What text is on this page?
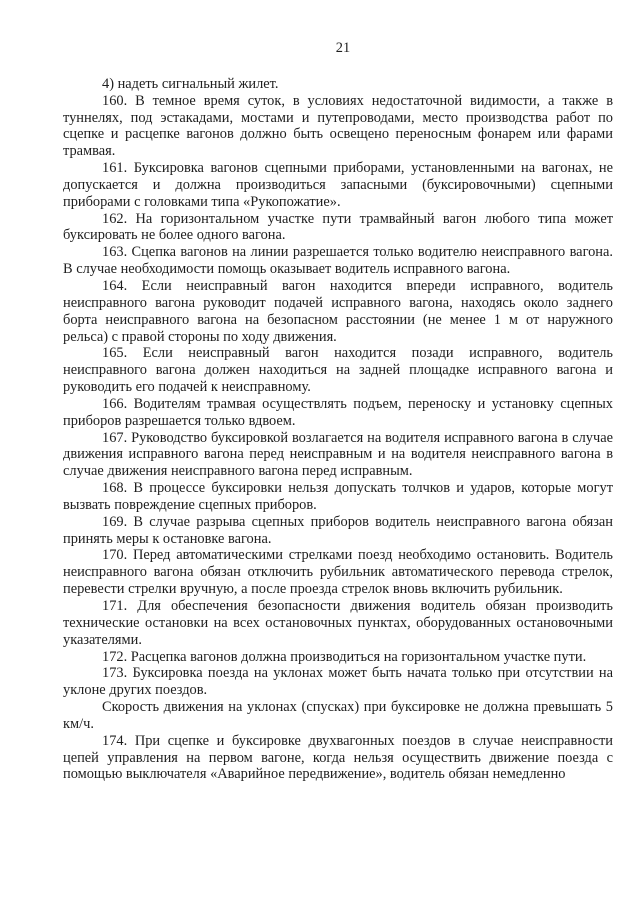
21

4) надеть сигнальный жилет.

160. В темное время суток, в условиях недостаточной видимости, а также в туннелях, под эстакадами, мостами и путепроводами, место производства работ по сцепке и расцепке вагонов должно быть освещено переносным фонарем или фарами трамвая.

161. Буксировка вагонов сцепными приборами, установленными на вагонах, не допускается и должна производиться запасными (буксировочными) сцепными приборами с головками типа «Рукопожатие».

162. На горизонтальном участке пути трамвайный вагон любого типа может буксировать не более одного вагона.

163. Сцепка вагонов на линии разрешается только водителю неисправного вагона. В случае необходимости помощь оказывает водитель исправного вагона.

164. Если неисправный вагон находится впереди исправного, водитель неисправного вагона руководит подачей исправного вагона, находясь около заднего борта неисправного вагона на безопасном расстоянии (не менее 1 м от наружного рельса) с правой стороны по ходу движения.

165. Если неисправный вагон находится позади исправного, водитель неисправного вагона должен находиться на задней площадке исправного вагона и руководить его подачей к неисправному.

166. Водителям трамвая осуществлять подъем, переноску и установку сцепных приборов разрешается только вдвоем.

167. Руководство буксировкой возлагается на водителя исправного вагона в случае движения исправного вагона перед неисправным и на водителя неисправного вагона в случае движения неисправного вагона перед исправным.

168. В процессе буксировки нельзя допускать толчков и ударов, которые могут вызвать повреждение сцепных приборов.

169. В случае разрыва сцепных приборов водитель неисправного вагона обязан принять меры к остановке вагона.

170. Перед автоматическими стрелками поезд необходимо остановить. Водитель неисправного вагона обязан отключить рубильник автоматического перевода стрелок, перевести стрелки вручную, а после проезда стрелок вновь включить рубильник.

171. Для обеспечения безопасности движения водитель обязан производить технические остановки на всех остановочных пунктах, оборудованных остановочными указателями.

172. Расцепка вагонов должна производиться на горизонтальном участке пути.

173. Буксировка поезда на уклонах может быть начата только при отсутствии на уклоне других поездов.

Скорость движения на уклонах (спусках) при буксировке не должна превышать 5 км/ч.

174. При сцепке и буксировке двухвагонных поездов в случае неисправности цепей управления на первом вагоне, когда нельзя осуществить движение поезда с помощью выключателя «Аварийное передвижение», водитель обязан немедленно
